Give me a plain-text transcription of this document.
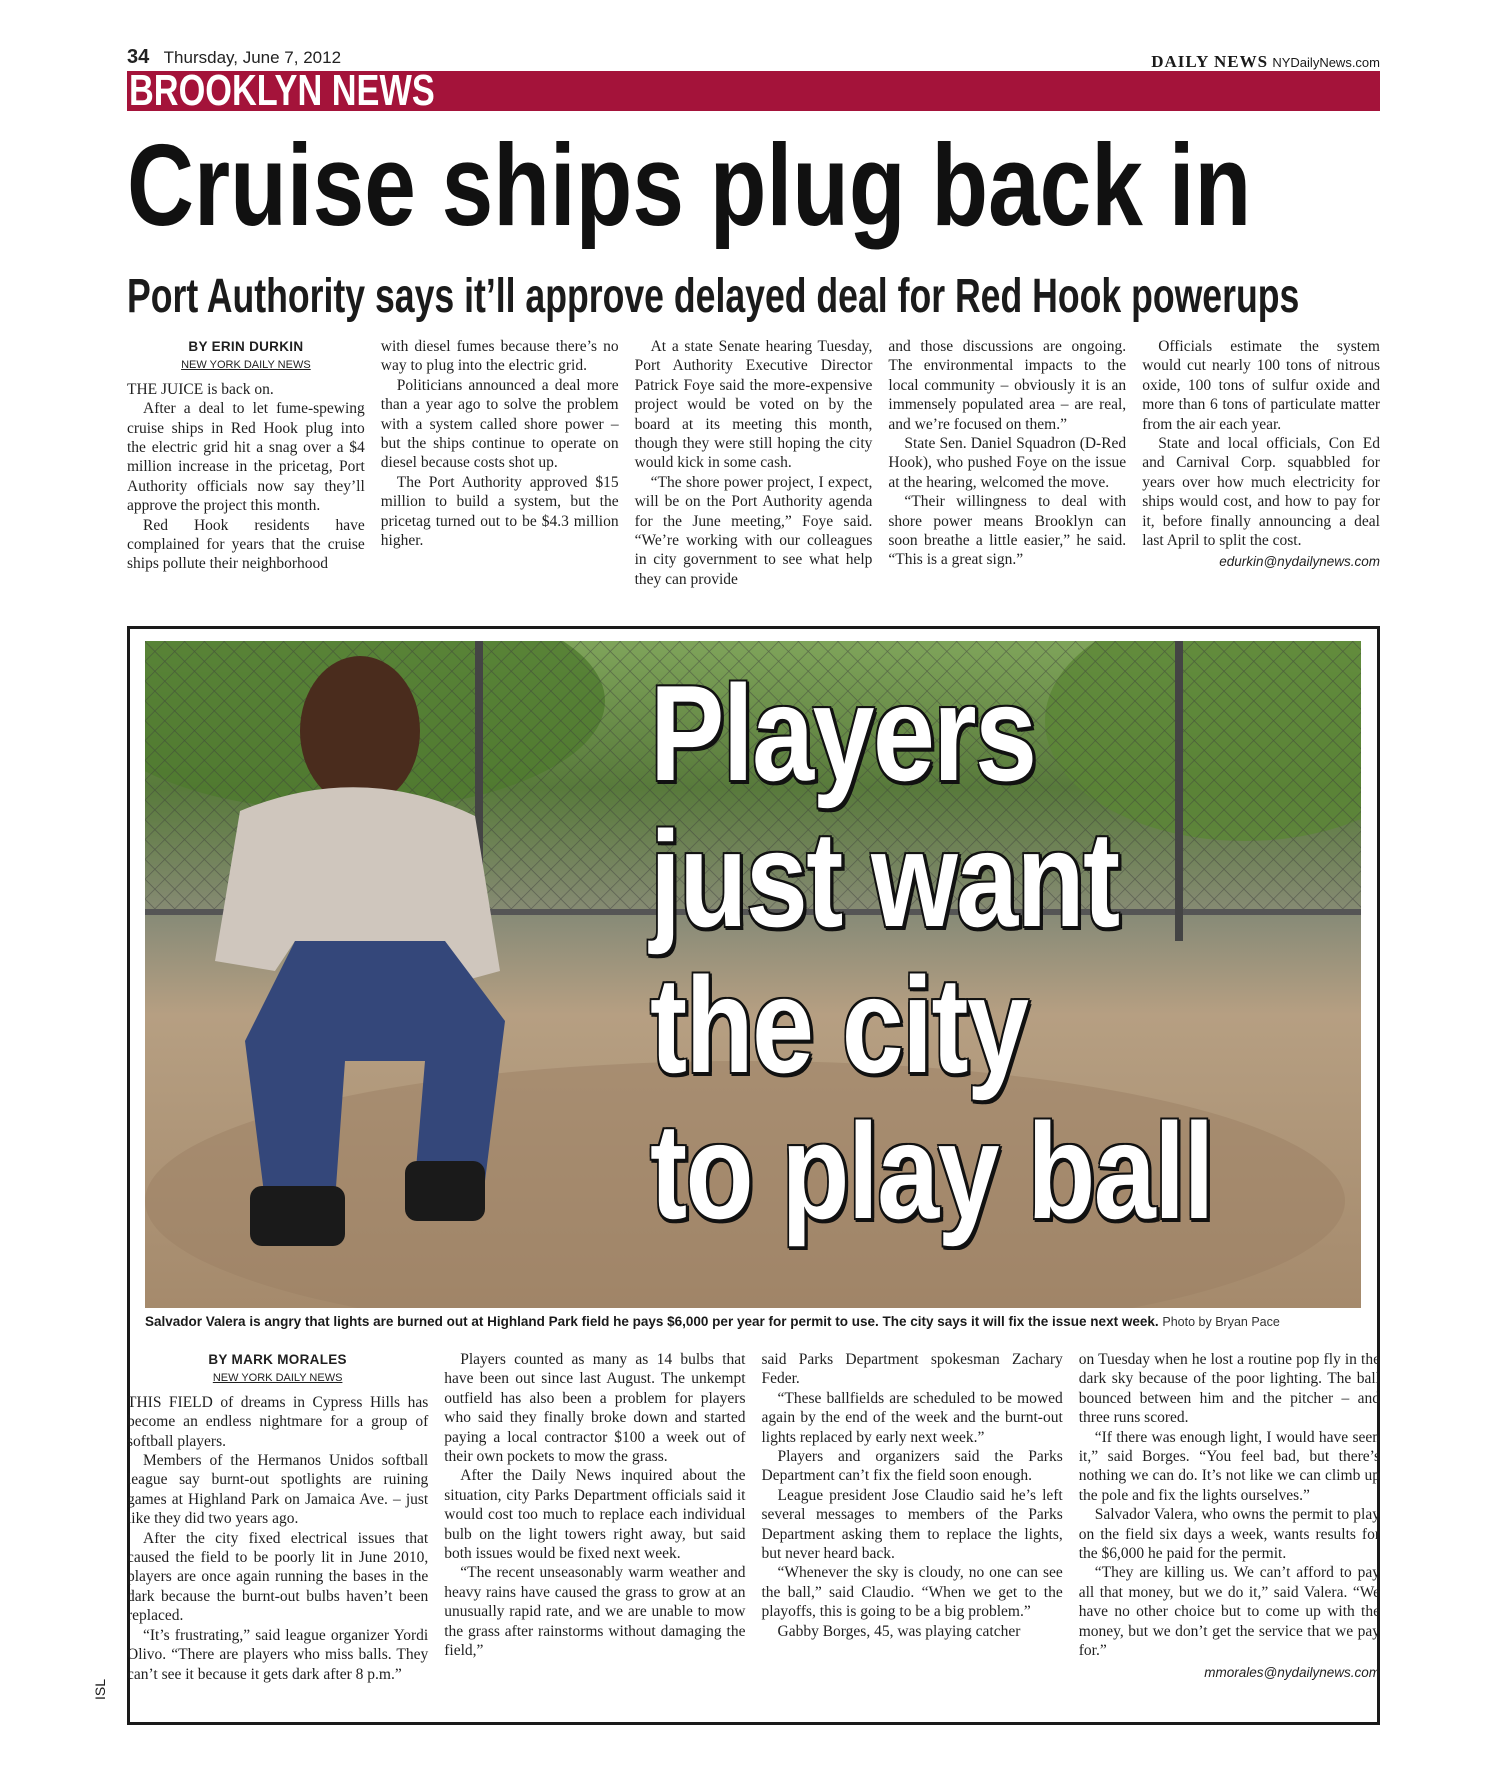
34 Thursday, June 7, 2012	DAILY NEWS NYDailyNews.com
BROOKLYN NEWS
Cruise ships plug back in
Port Authority says it’ll approve delayed deal for Red Hook powerups
BY ERIN DURKIN
NEW YORK DAILY NEWS

THE JUICE is back on.

After a deal to let fume-spewing cruise ships in Red Hook plug into the electric grid hit a snag over a $4 million increase in the pricetag, Port Authority officials now say they’ll approve the project this month.

Red Hook residents have complained for years that the cruise ships pollute their neighborhood

with diesel fumes because there’s no way to plug into the electric grid.

Politicians announced a deal more than a year ago to solve the problem with a system called shore power – but the ships continue to operate on diesel because costs shot up.

The Port Authority approved $15 million to build a system, but the pricetag turned out to be $4.3 million higher.

At a state Senate hearing Tuesday, Port Authority Executive Director Patrick Foye said the more-expensive project would be voted on by the board at its meeting this month, though they were still hoping the city would kick in some cash.

“The shore power project, I expect, will be on the Port Authority agenda for the June meeting,” Foye said. “We’re working with our colleagues in city government to see what help they can provide

and those discussions are ongoing. The environmental impacts to the local community – obviously it is an immensely populated area – are real, and we’re focused on them.”

State Sen. Daniel Squadron (D-Red Hook), who pushed Foye on the issue at the hearing, welcomed the move.

“Their willingness to deal with shore power means Brooklyn can soon breathe a little easier,” he said. “This is a great sign.”

Officials estimate the system would cut nearly 100 tons of nitrous oxide, 100 tons of sulfur oxide and more than 6 tons of particulate matter from the air each year.

State and local officials, Con Ed and Carnival Corp. squabbled for years over how much electricity for ships would cost, and how to pay for it, before finally announcing a deal last April to split the cost.

edurkin@nydailynews.com
Players
just want
the city
to play ball
Salvador Valera is angry that lights are burned out at Highland Park field he pays $6,000 per year for permit to use. The city says it will fix the issue next week. Photo by Bryan Pace
BY MARK MORALES
NEW YORK DAILY NEWS

THIS FIELD of dreams in Cypress Hills has become an endless nightmare for a group of softball players.

Members of the Hermanos Unidos softball league say burnt-out spotlights are ruining games at Highland Park on Jamaica Ave. – just like they did two years ago.

After the city fixed electrical issues that caused the field to be poorly lit in June 2010, players are once again running the bases in the dark because the burnt-out bulbs haven’t been replaced.

“It’s frustrating,” said league organizer Yordi Olivo. “There are players who miss balls. They can’t see it because it gets dark after 8 p.m.”

Players counted as many as 14 bulbs that have been out since last August. The unkempt outfield has also been a problem for players who said they finally broke down and started paying a local contractor $100 a week out of their own pockets to mow the grass.

After the Daily News inquired about the situation, city Parks Department officials said it would cost too much to replace each individual bulb on the light towers right away, but said both issues would be fixed next week.

“The recent unseasonably warm weather and heavy rains have caused the grass to grow at an unusually rapid rate, and we are unable to mow the grass after rainstorms without damaging the field,”

said Parks Department spokesman Zachary Feder.

“These ballfields are scheduled to be mowed again by the end of the week and the burnt-out lights replaced by early next week.”

Players and organizers said the Parks Department can’t fix the field soon enough.

League president Jose Claudio said he’s left several messages to members of the Parks Department asking them to replace the lights, but never heard back.

“Whenever the sky is cloudy, no one can see the ball,” said Claudio. “When we get to the playoffs, this is going to be a big problem.”

Gabby Borges, 45, was playing catcher

on Tuesday when he lost a routine pop fly in the dark sky because of the poor lighting. The ball bounced between him and the pitcher – and three runs scored.

“If there was enough light, I would have seen it,” said Borges. “You feel bad, but there’s nothing we can do. It’s not like we can climb up the pole and fix the lights ourselves.”

Salvador Valera, who owns the permit to play on the field six days a week, wants results for the $6,000 he paid for the permit.

“They are killing us. We can’t afford to pay all that money, but we do it,” said Valera. “We have no other choice but to come up with the money, but we don’t get the service that we pay for.”

mmorales@nydailynews.com
ISL
